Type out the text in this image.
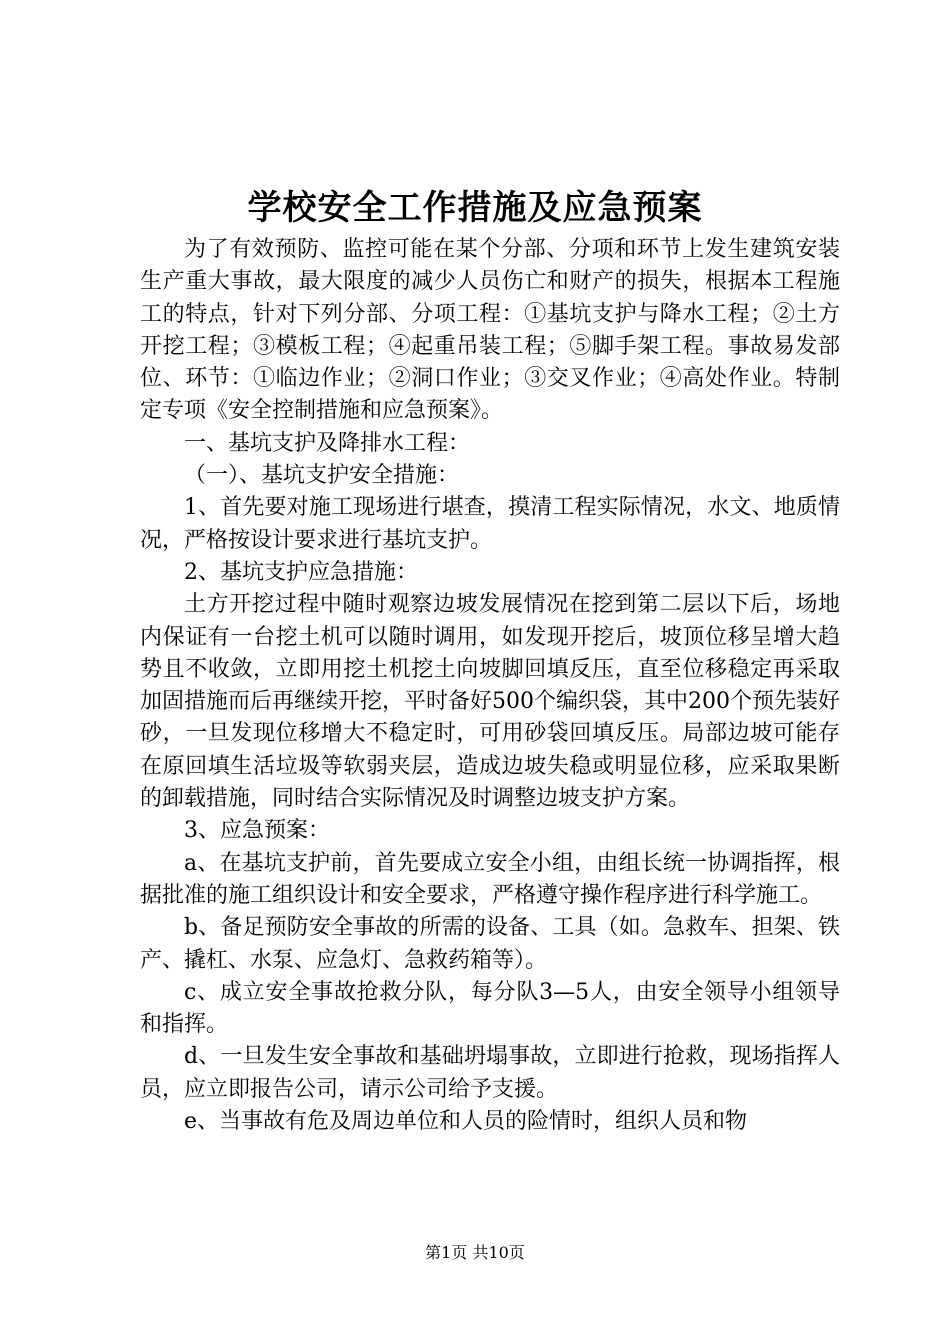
学校安全工作措施及应急预案

为了有效预防、监控可能在某个分部、分项和环节上发生建筑安装生产重大事故，最大限度的减少人员伤亡和财产的损失，根据本工程施工的特点，针对下列分部、分项工程：①基坑支护与降水工程；②土方开挖工程；③模板工程；④起重吊装工程；⑤脚手架工程。事故易发部位、环节：①临边作业；②洞口作业；③交叉作业；④高处作业。特制定专项《安全控制措施和应急预案》。

一、基坑支护及降排水工程：

（一）、基坑支护安全措施：

1、首先要对施工现场进行堪查，摸清工程实际情况，水文、地质情况，严格按设计要求进行基坑支护。

2、基坑支护应急措施：

土方开挖过程中随时观察边坡发展情况在挖到第二层以下后，场地内保证有一台挖土机可以随时调用，如发现开挖后，坡顶位移呈增大趋势且不收敛，立即用挖土机挖土向坡脚回填反压，直至位移稳定再采取加固措施而后再继续开挖，平时备好500个编织袋，其中200个预先装好砂，一旦发现位移增大不稳定时，可用砂袋回填反压。局部边坡可能存在原回填生活垃圾等软弱夹层，造成边坡失稳或明显位移，应采取果断的卸载措施，同时结合实际情况及时调整边坡支护方案。

3、应急预案：

a、在基坑支护前，首先要成立安全小组，由组长统一协调指挥，根据批准的施工组织设计和安全要求，严格遵守操作程序进行科学施工。

b、备足预防安全事故的所需的设备、工具（如。急救车、担架、铁产、撬杠、水泵、应急灯、急救药箱等）。

c、成立安全事故抢救分队，每分队3—5人，由安全领导小组领导和指挥。

d、一旦发生安全事故和基础坍塌事故，立即进行抢救，现场指挥人员，应立即报告公司，请示公司给予支援。

e、当事故有危及周边单位和人员的险情时，组织人员和物

第1页 共10页
